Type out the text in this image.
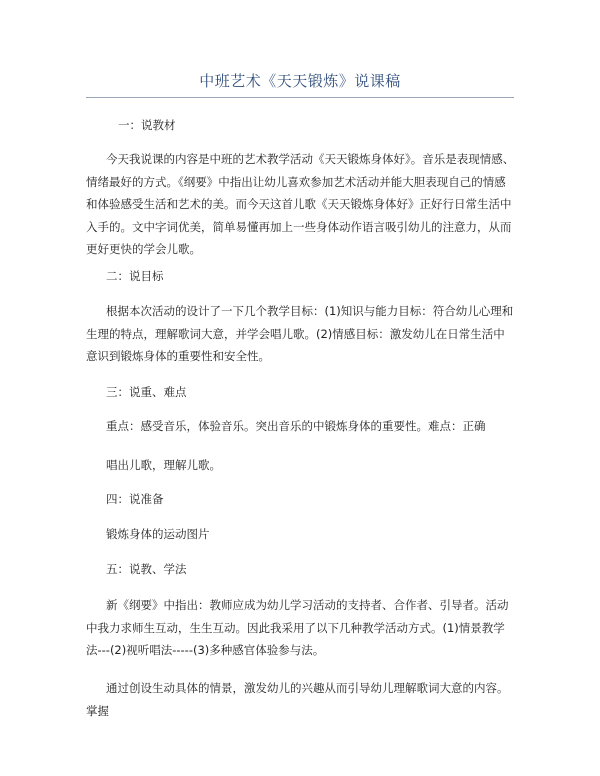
中班艺术《天天锻炼》说课稿
一：说教材
今天我说课的内容是中班的艺术教学活动《天天锻炼身体好》。音乐是表现情感、情绪最好的方式。《纲要》中指出让幼儿喜欢参加艺术活动并能大胆表现自己的情感和体验感受生活和艺术的美。而今天这首儿歌《天天锻炼身体好》正好行日常生活中入手的。文中字词优美，简单易懂再加上一些身体动作语言吸引幼儿的注意力，从而更好更快的学会儿歌。
二：说目标
根据本次活动的设计了一下几个教学目标：(1)知识与能力目标：符合幼儿心理和生理的特点，理解歌词大意，并学会唱儿歌。(2)情感目标：激发幼儿在日常生活中意识到锻炼身体的重要性和安全性。
三：说重、难点
重点：感受音乐，体验音乐。突出音乐的中锻炼身体的重要性。难点：正确
唱出儿歌，理解儿歌。
四：说准备
锻炼身体的运动图片
五：说教、学法
新《纲要》中指出：教师应成为幼儿学习活动的支持者、合作者、引导者。活动中我力求师生互动，生生互动。因此我采用了以下几种教学活动方式。(1)情景教学法---(2)视听唱法-----(3)多种感官体验参与法。
通过创设生动具体的情景，激发幼儿的兴趣从而引导幼儿理解歌词大意的内容。掌握
